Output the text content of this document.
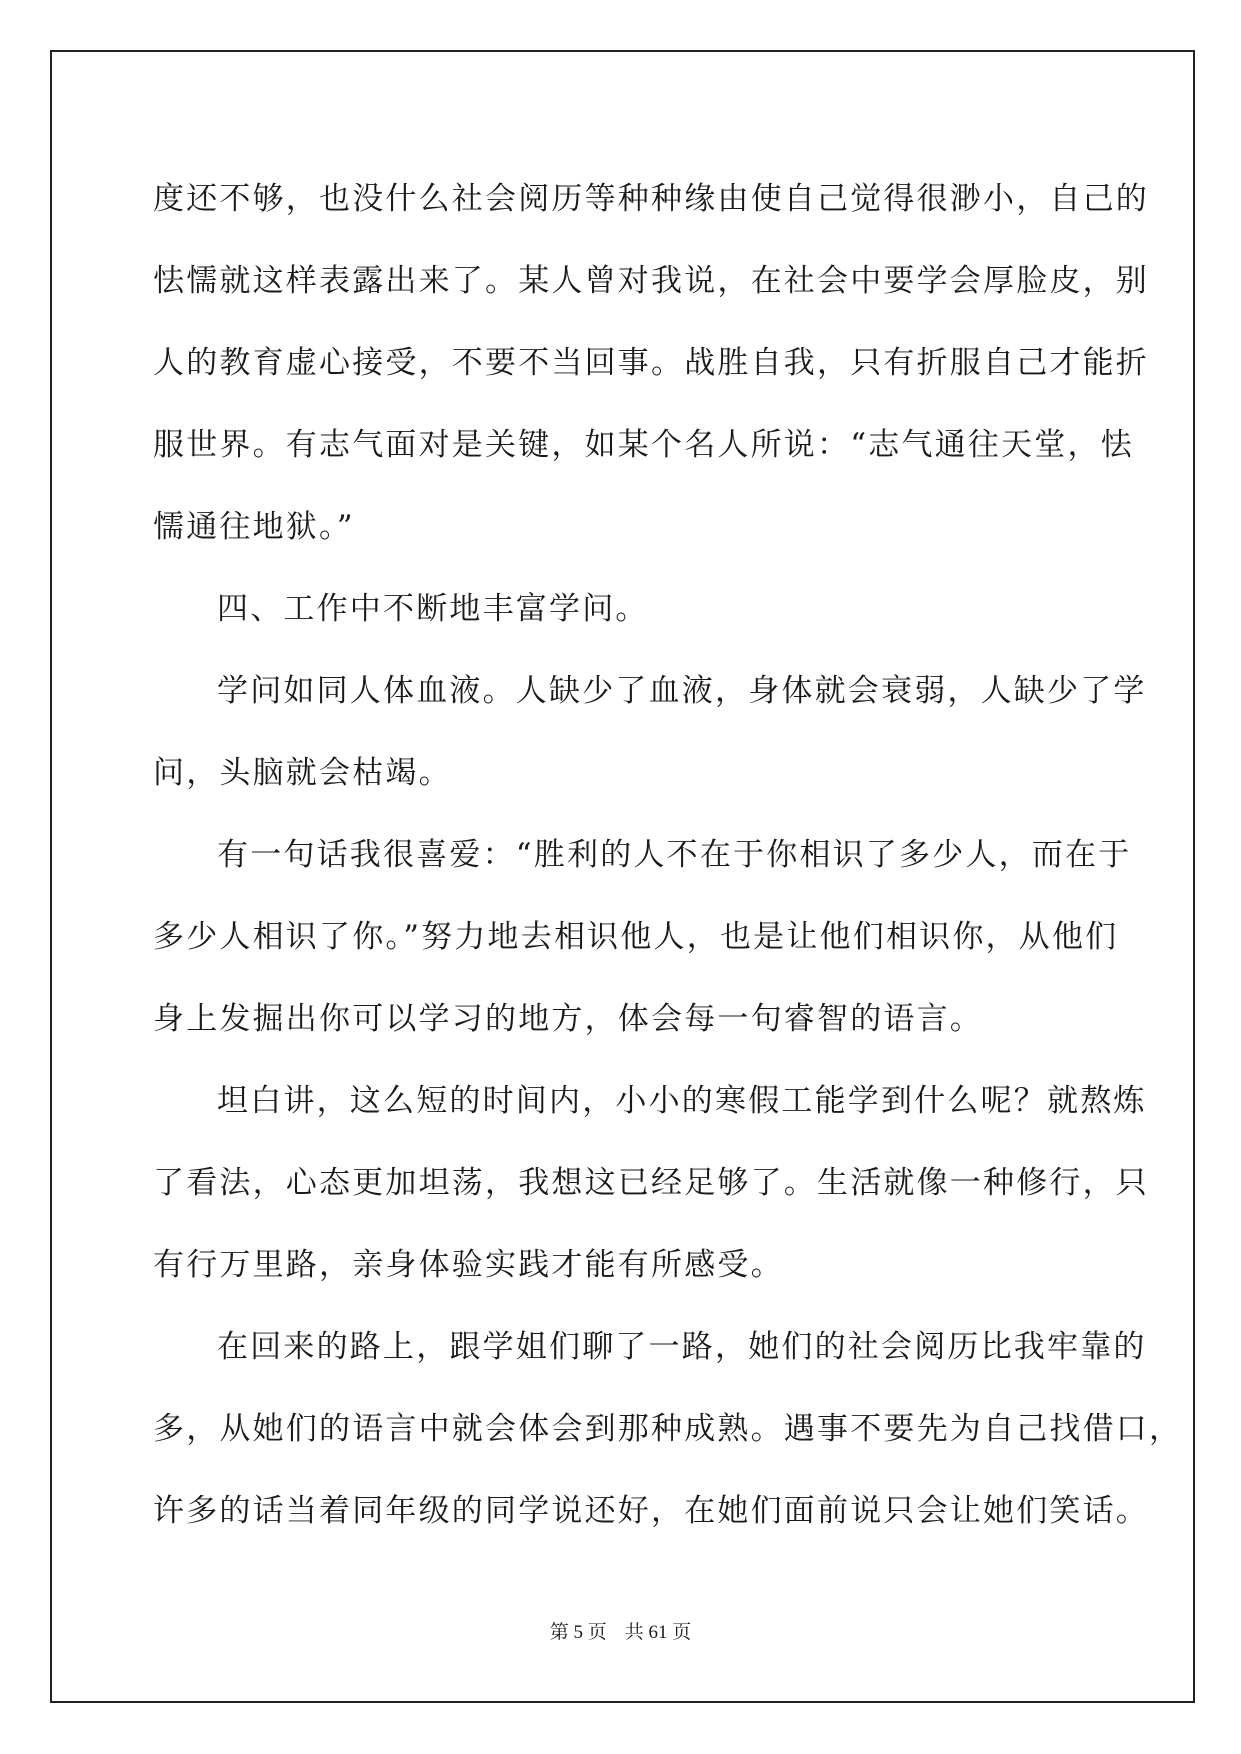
度还不够，也没什么社会阅历等种种缘由使自己觉得很渺小，自己的
怯懦就这样表露出来了。某人曾对我说，在社会中要学会厚脸皮，别
人的教育虚心接受，不要不当回事。战胜自我，只有折服自己才能折
服世界。有志气面对是关键，如某个名人所说：“志气通往天堂，怯
懦通往地狱。”
四、工作中不断地丰富学问。
学问如同人体血液。人缺少了血液，身体就会衰弱，人缺少了学
问，头脑就会枯竭。
有一句话我很喜爱：“胜利的人不在于你相识了多少人，而在于
多少人相识了你。”努力地去相识他人，也是让他们相识你，从他们
身上发掘出你可以学习的地方，体会每一句睿智的语言。
坦白讲，这么短的时间内，小小的寒假工能学到什么呢？就熬炼
了看法，心态更加坦荡，我想这已经足够了。生活就像一种修行，只
有行万里路，亲身体验实践才能有所感受。
在回来的路上，跟学姐们聊了一路，她们的社会阅历比我牢靠的
多，从她们的语言中就会体会到那种成熟。遇事不要先为自己找借口，
许多的话当着同年级的同学说还好，在她们面前说只会让她们笑话。
第 5 页 共 61 页
